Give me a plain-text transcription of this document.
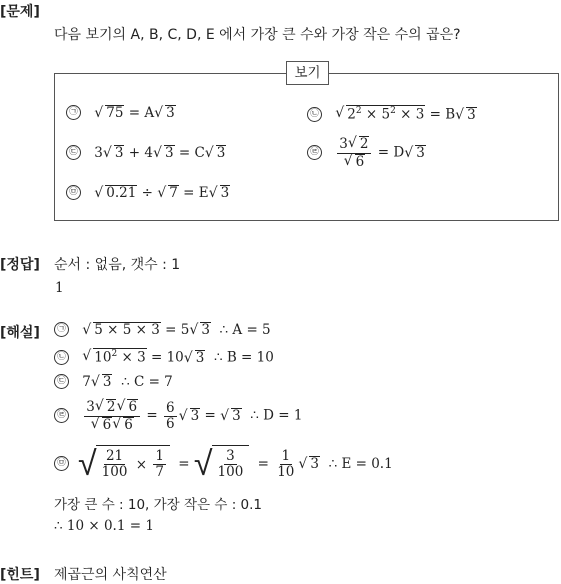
[문제]
다음 보기의 A, B, C, D, E 에서 가장 큰 수와 가장 작은 수의 곱은?
보기
㉠ √ 75 = A √ 3	㉡ √ $2^2 \times 5^2 \times 3 = B$ √ 3
㉢ 3 √ 3 + 4 √ 3 = C √ 3	㉣ 3 √ 2
√ 6 = D √ 3
㉤ √ 0.21 ÷ √ 7 = E √ 3
[정답] 순서 : 없음, 갯수 : 1
1
[해설]	㉠ √ 5 × 5 × 3 = 5 √ 3 ∴ A = 5
㉡ √ $10^2 \times 3 = 10$ √ 3 ∴ B = 10
㉢ 7 √ 3 ∴ C = 7
㉣ 3 √ 2 √ 6
√ 6 √ $6 = \frac{6}{6}$ √ 3 = √ 3 ∴ D = 1
㉤ √ $\frac{21}{100} \times \frac{1}{7}$ = √ $\frac{3}{100} = \frac{1}{10}$	√ 3
∴ E = 0.1
가장 큰 수 : 10, 가장 작은 수 : 0.1
∴ 10 × 0.1 = 1
[힌트] 제곱근의 사칙연산
